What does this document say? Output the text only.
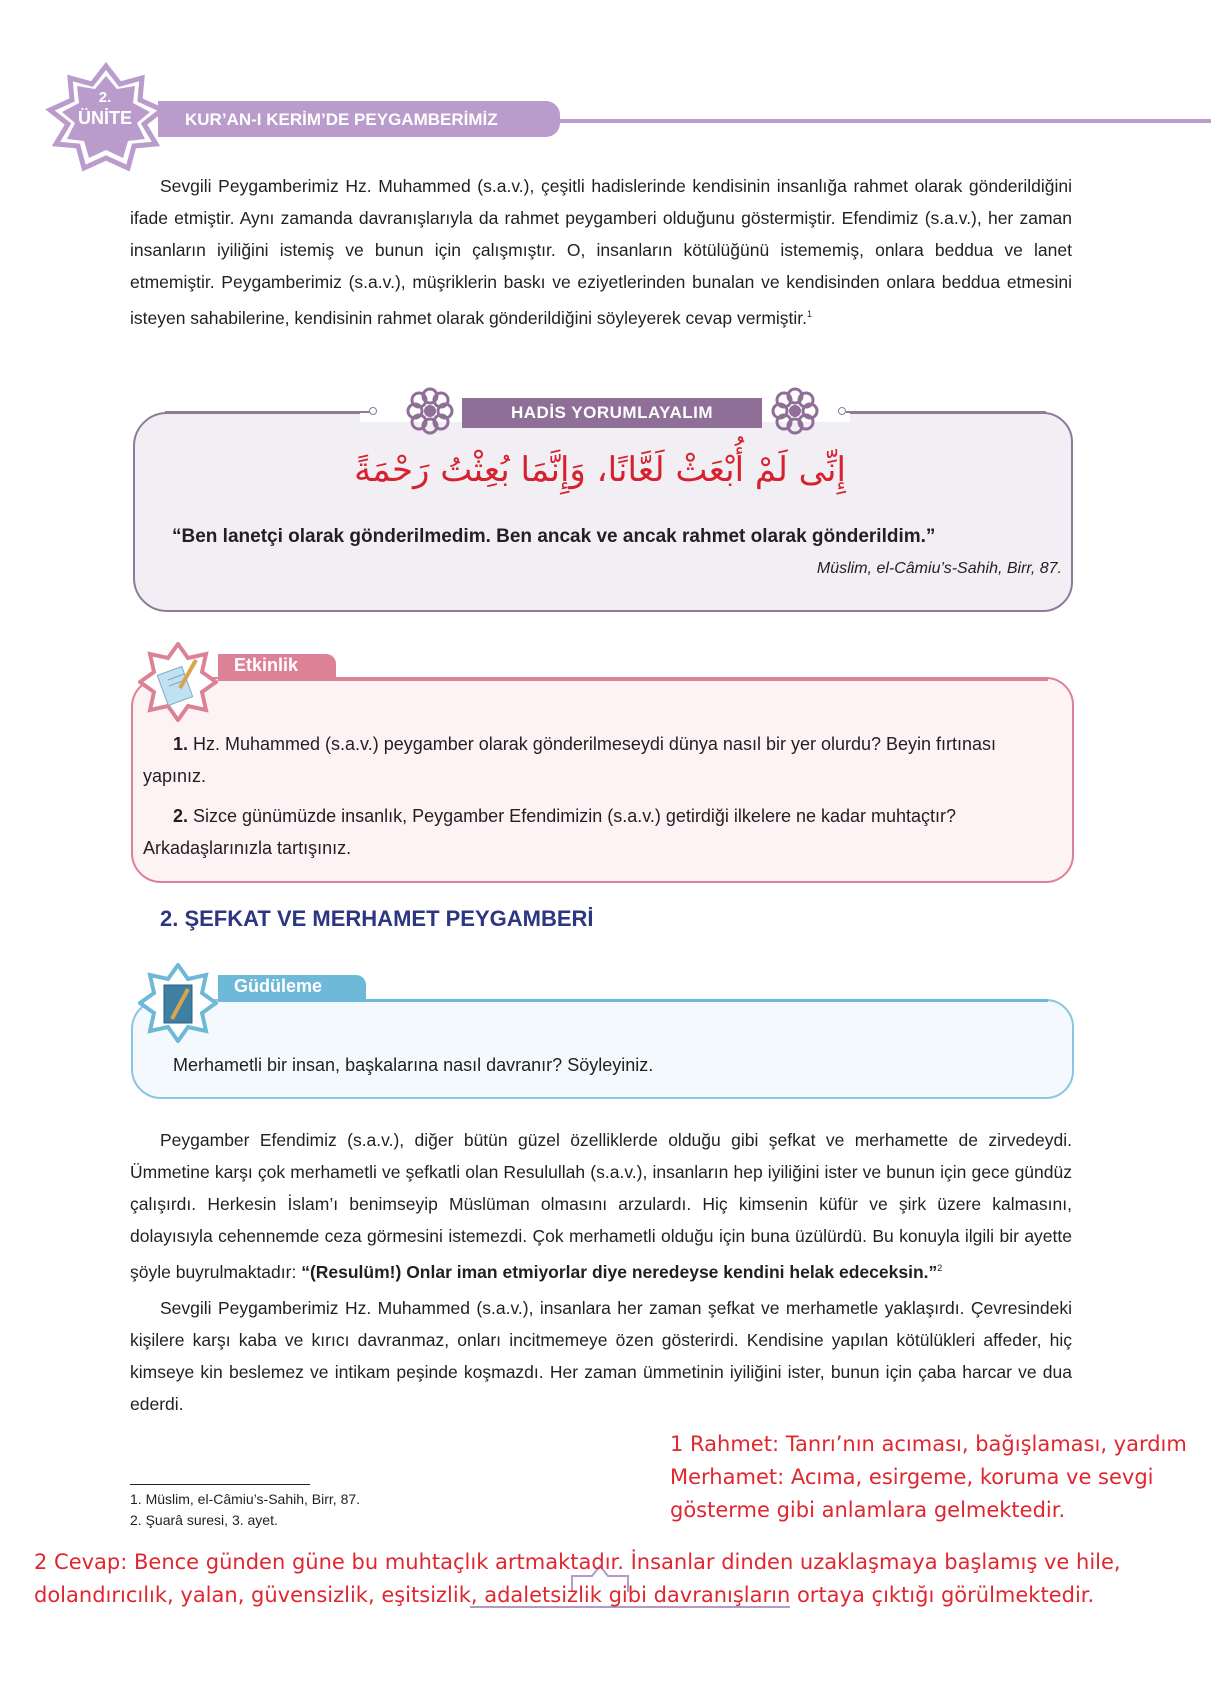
2.
ÜNİTE	KUR’AN-I KERİM’DE PEYGAMBERİMİZ

Sevgili Peygamberimiz Hz. Muhammed (s.a.v.), çeşitli hadislerinde kendisinin insanlığa rahmet olarak gönderildiğini ifade etmiştir. Aynı zamanda davranışlarıyla da rahmet peygamberi olduğunu göstermiştir. Efendimiz (s.a.v.), her zaman insanların iyiliğini istemiş ve bunun için çalışmıştır. O, insanların kötülüğünü istememiş, onlara beddua ve lanet etmemiştir. Peygamberimiz (s.a.v.), müşriklerin baskı ve eziyetlerinden bunalan ve kendisinden onlara beddua etmesini isteyen sahabilerine, kendisinin rahmet olarak gönderildiğini söyleyerek cevap vermiştir.$^1$

HADİS YORUMLAYALIM
إِنِّى لَمْ أُبْعَثْ لَعَّانًا، وَإِنَّمَا بُعِثْتُ رَحْمَةً
“Ben lanetçi olarak gönderilmedim. Ben ancak ve ancak rahmet olarak gönderildim.”
Müslim, el-Câmiu’s-Sahih, Birr, 87.
Etkinlik

1. Hz. Muhammed (s.a.v.) peygamber olarak gönderilmeseydi dünya nasıl bir yer olurdu? Beyin fırtınası yapınız.

2. Sizce günümüzde insanlık, Peygamber Efendimizin (s.a.v.) getirdiği ilkelere ne kadar muhtaçtır? Arkadaşlarınızla tartışınız.

2. ŞEFKAT VE MERHAMET PEYGAMBERİ
Güdüleme
Merhametli bir insan, başkalarına nasıl davranır? Söyleyiniz.

Peygamber Efendimiz (s.a.v.), diğer bütün güzel özelliklerde olduğu gibi şefkat ve merhamette de zirvedeydi. Ümmetine karşı çok merhametli ve şefkatli olan Resulullah (s.a.v.), insanların hep iyiliğini ister ve bunun için gece gündüz çalışırdı. Herkesin İslam’ı benimseyip Müslüman olmasını arzulardı. Hiç kimsenin küfür ve şirk üzere kalmasını, dolayısıyla cehennemde ceza görmesini istemezdi. Çok merhametli olduğu için buna üzülürdü. Bu konuyla ilgili bir ayette şöyle buyrulmaktadır: “(Resulüm!) Onlar iman etmiyorlar diye neredeyse kendini helak edeceksin.”$^2$

Sevgili Peygamberimiz Hz. Muhammed (s.a.v.), insanlara her zaman şefkat ve merhametle yaklaşırdı. Çevresindeki kişilere karşı kaba ve kırıcı davranmaz, onları incitmemeye özen gösterirdi. Kendisine yapılan kötülükleri affeder, hiç kimseye kin beslemez ve intikam peşinde koşmazdı. Her zaman ümmetinin iyiliğini ister, bunun için çaba harcar ve dua ederdi.

1. Müslim, el-Câmiu’s-Sahih, Birr, 87.
2. Şuarâ suresi, 3. ayet.
1 Rahmet: Tanrı’nın acıması, bağışlaması, yardım
Merhamet: Acıma, esirgeme, koruma ve sevgi
gösterme gibi anlamlara gelmektedir.
2 Cevap: Bence günden güne bu muhtaçlık artmaktadır. İnsanlar dinden uzaklaşmaya başlamış ve hile,
dolandırıcılık, yalan, güvensizlik, eşitsizlik, adaletsizlik gibi davranışların ortaya çıktığı görülmektedir.
